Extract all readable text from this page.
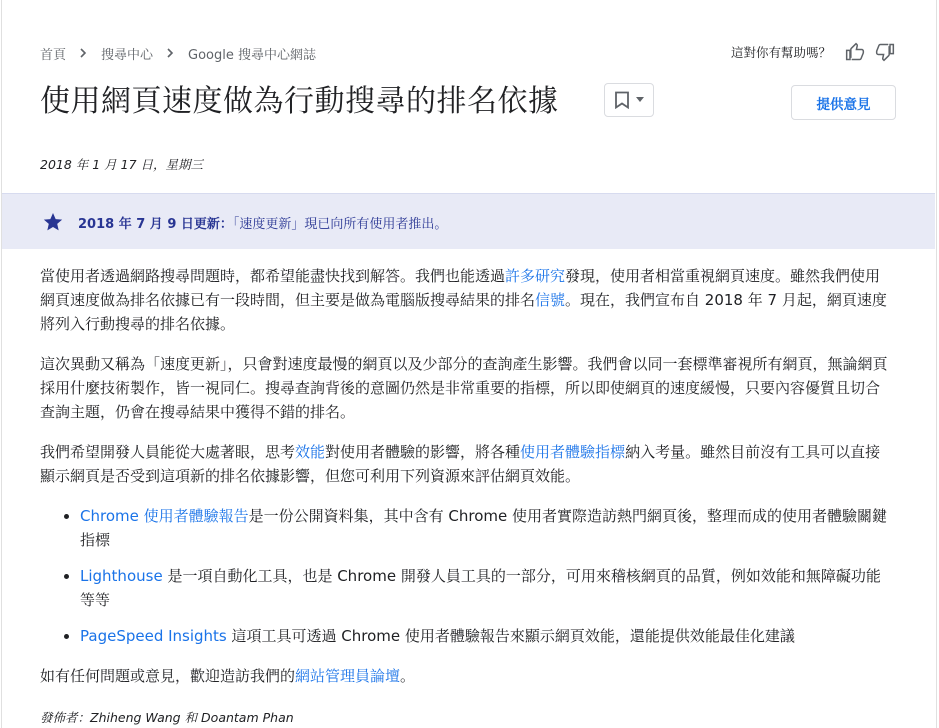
首頁	搜尋中心	Google 搜尋中心網誌	這對你有幫助嗎？
使用網頁速度做為行動搜尋的排名依據	提供意見
2018 年 1 月 17 日，星期三
2018 年 7 月 9 日更新：「速度更新」現已向所有使用者推出。

當使用者透過網路搜尋問題時，都希望能盡快找到解答。我們也能透過許多研究發現，使用者相當重視網頁速度。雖然我們使用網頁速度做為排名依據已有一段時間，但主要是做為電腦版搜尋結果的排名信號。現在，我們宣布自 2018 年 7 月起，網頁速度將列入行動搜尋的排名依據。

這次異動又稱為「速度更新」，只會對速度最慢的網頁以及少部分的查詢產生影響。我們會以同一套標準審視所有網頁，無論網頁採用什麼技術製作，皆一視同仁。搜尋查詢背後的意圖仍然是非常重要的指標，所以即使網頁的速度緩慢，只要內容優質且切合查詢主題，仍會在搜尋結果中獲得不錯的排名。

我們希望開發人員能從大處著眼，思考效能對使用者體驗的影響，將各種使用者體驗指標納入考量。雖然目前沒有工具可以直接顯示網頁是否受到這項新的排名依據影響，但您可利用下列資源來評估網頁效能。

• Chrome 使用者體驗報告是一份公開資料集，其中含有 Chrome 使用者實際造訪熱門網頁後，整理而成的使用者體驗關鍵指標
• Lighthouse 是一項自動化工具，也是 Chrome 開發人員工具的一部分，可用來稽核網頁的品質，例如效能和無障礙功能等等
• PageSpeed Insights 這項工具可透過 Chrome 使用者體驗報告來顯示網頁效能，還能提供效能最佳化建議

如有任何問題或意見，歡迎造訪我們的網站管理員論壇。

發佈者：Zhiheng Wang 和 Doantam Phan
